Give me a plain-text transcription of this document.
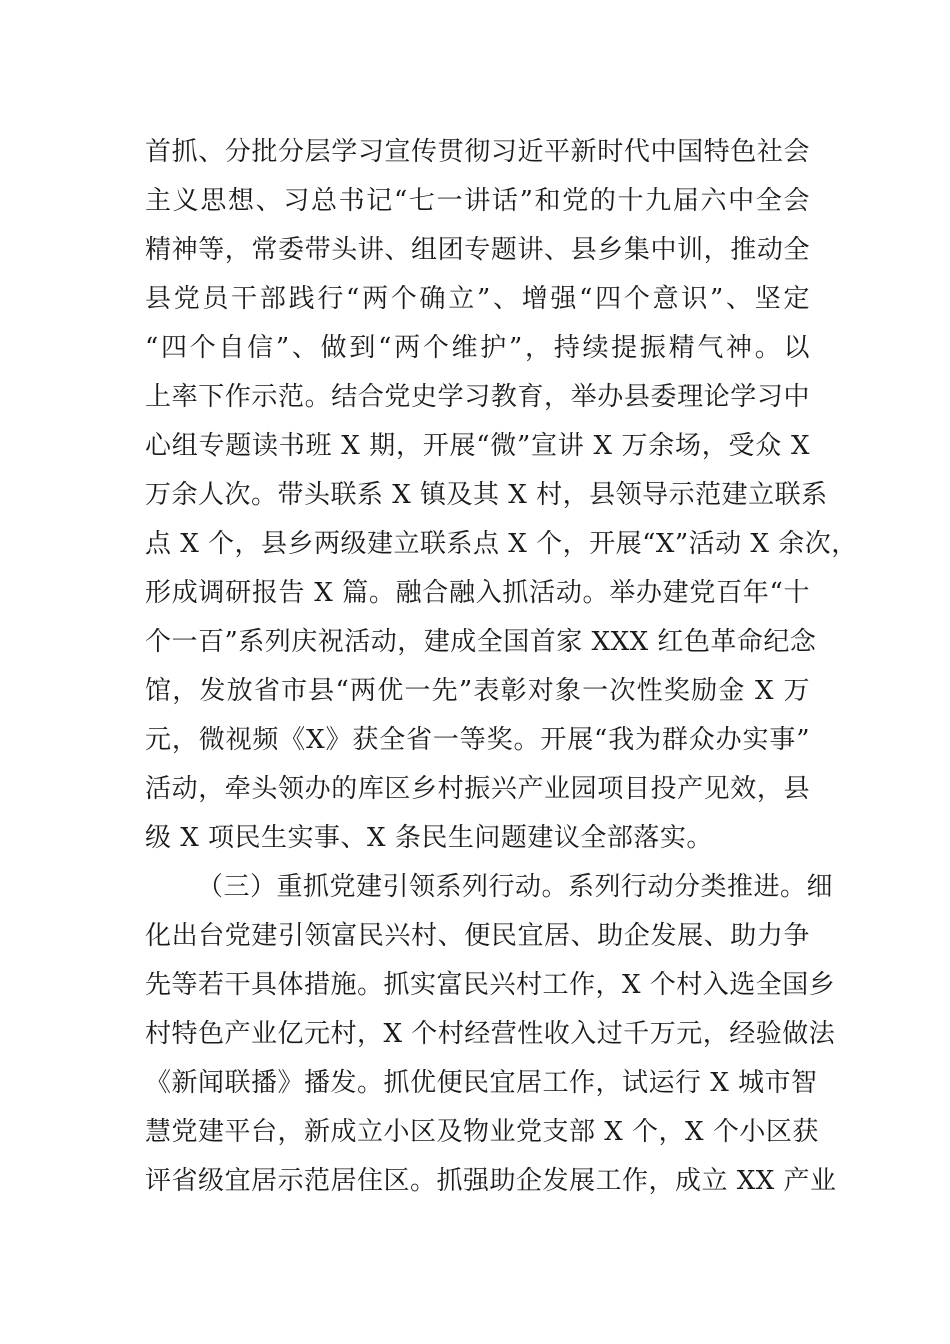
首抓、分批分层学习宣传贯彻习近平新时代中国特色社会
主义思想、习总书记“七一讲话”和党的十九届六中全会
精神等，常委带头讲、组团专题讲、县乡集中训，推动全
县党员干部践行“两个确立”、增强“四个意识”、坚定
“四个自信”、做到“两个维护”，持续提振精气神。以
上率下作示范。结合党史学习教育，举办县委理论学习中
心组专题读书班 X 期，开展“微”宣讲 X 万余场，受众 X
万余人次。带头联系 X 镇及其 X 村，县领导示范建立联系
点 X 个，县乡两级建立联系点 X 个，开展“X”活动 X 余次，
形成调研报告 X 篇。融合融入抓活动。举办建党百年“十
个一百”系列庆祝活动，建成全国首家 XXX 红色革命纪念
馆，发放省市县“两优一先”表彰对象一次性奖励金 X 万
元，微视频《X》获全省一等奖。开展“我为群众办实事”
活动，牵头领办的库区乡村振兴产业园项目投产见效，县
级 X 项民生实事、X 条民生问题建议全部落实。
（三）重抓党建引领系列行动。系列行动分类推进。细
化出台党建引领富民兴村、便民宜居、助企发展、助力争
先等若干具体措施。抓实富民兴村工作，X 个村入选全国乡
村特色产业亿元村，X 个村经营性收入过千万元，经验做法
《新闻联播》播发。抓优便民宜居工作，试运行 X 城市智
慧党建平台，新成立小区及物业党支部 X 个，X 个小区获
评省级宜居示范居住区。抓强助企发展工作，成立 XX 产业
